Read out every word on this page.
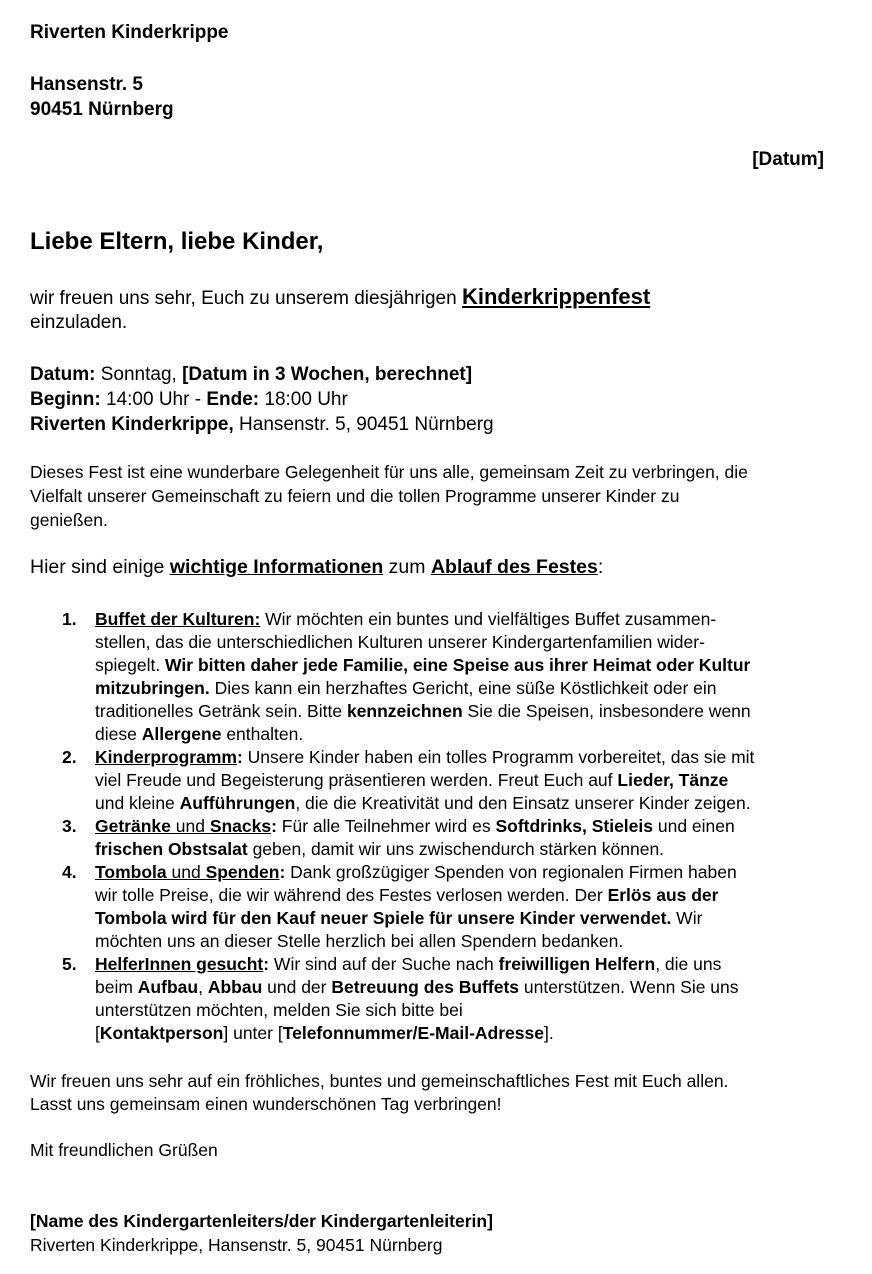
Riverten Kinderkrippe
Hansenstr. 5
90451 Nürnberg
[Datum]
Liebe Eltern, liebe Kinder,
wir freuen uns sehr, Euch zu unserem diesjährigen Kinderkrippenfest
einzuladen.
Datum: Sonntag, [Datum in 3 Wochen, berechnet]
Beginn: 14:00 Uhr - Ende: 18:00 Uhr
Riverten Kinderkrippe, Hansenstr. 5, 90451 Nürnberg
Dieses Fest ist eine wunderbare Gelegenheit für uns alle, gemeinsam Zeit zu verbringen, die
Vielfalt unserer Gemeinschaft zu feiern und die tollen Programme unserer Kinder zu
genießen.
Hier sind einige wichtige Informationen zum Ablauf des Festes:
1. Buffet der Kulturen: Wir möchten ein buntes und vielfältiges Buffet zusammen-
stellen, das die unterschiedlichen Kulturen unserer Kindergartenfamilien wider-
spiegelt. Wir bitten daher jede Familie, eine Speise aus ihrer Heimat oder Kultur
mitzubringen. Dies kann ein herzhaftes Gericht, eine süße Köstlichkeit oder ein
traditionelles Getränk sein. Bitte kennzeichnen Sie die Speisen, insbesondere wenn
diese Allergene enthalten.
2. Kinderprogramm: Unsere Kinder haben ein tolles Programm vorbereitet, das sie mit
viel Freude und Begeisterung präsentieren werden. Freut Euch auf Lieder, Tänze
und kleine Aufführungen, die die Kreativität und den Einsatz unserer Kinder zeigen.
3. Getränke und Snacks: Für alle Teilnehmer wird es Softdrinks, Stieleis und einen
frischen Obstsalat geben, damit wir uns zwischendurch stärken können.
4. Tombola und Spenden: Dank großzügiger Spenden von regionalen Firmen haben
wir tolle Preise, die wir während des Festes verlosen werden. Der Erlös aus der
Tombola wird für den Kauf neuer Spiele für unsere Kinder verwendet. Wir
möchten uns an dieser Stelle herzlich bei allen Spendern bedanken.
5. HelferInnen gesucht: Wir sind auf der Suche nach freiwilligen Helfern, die uns
beim Aufbau, Abbau und der Betreuung des Buffets unterstützen. Wenn Sie uns
unterstützen möchten, melden Sie sich bitte bei
[Kontaktperson] unter [Telefonnummer/E-Mail-Adresse].
Wir freuen uns sehr auf ein fröhliches, buntes und gemeinschaftliches Fest mit Euch allen.
Lasst uns gemeinsam einen wunderschönen Tag verbringen!
Mit freundlichen Grüßen
[Name des Kindergartenleiters/der Kindergartenleiterin]
Riverten Kinderkrippe, Hansenstr. 5, 90451 Nürnberg
